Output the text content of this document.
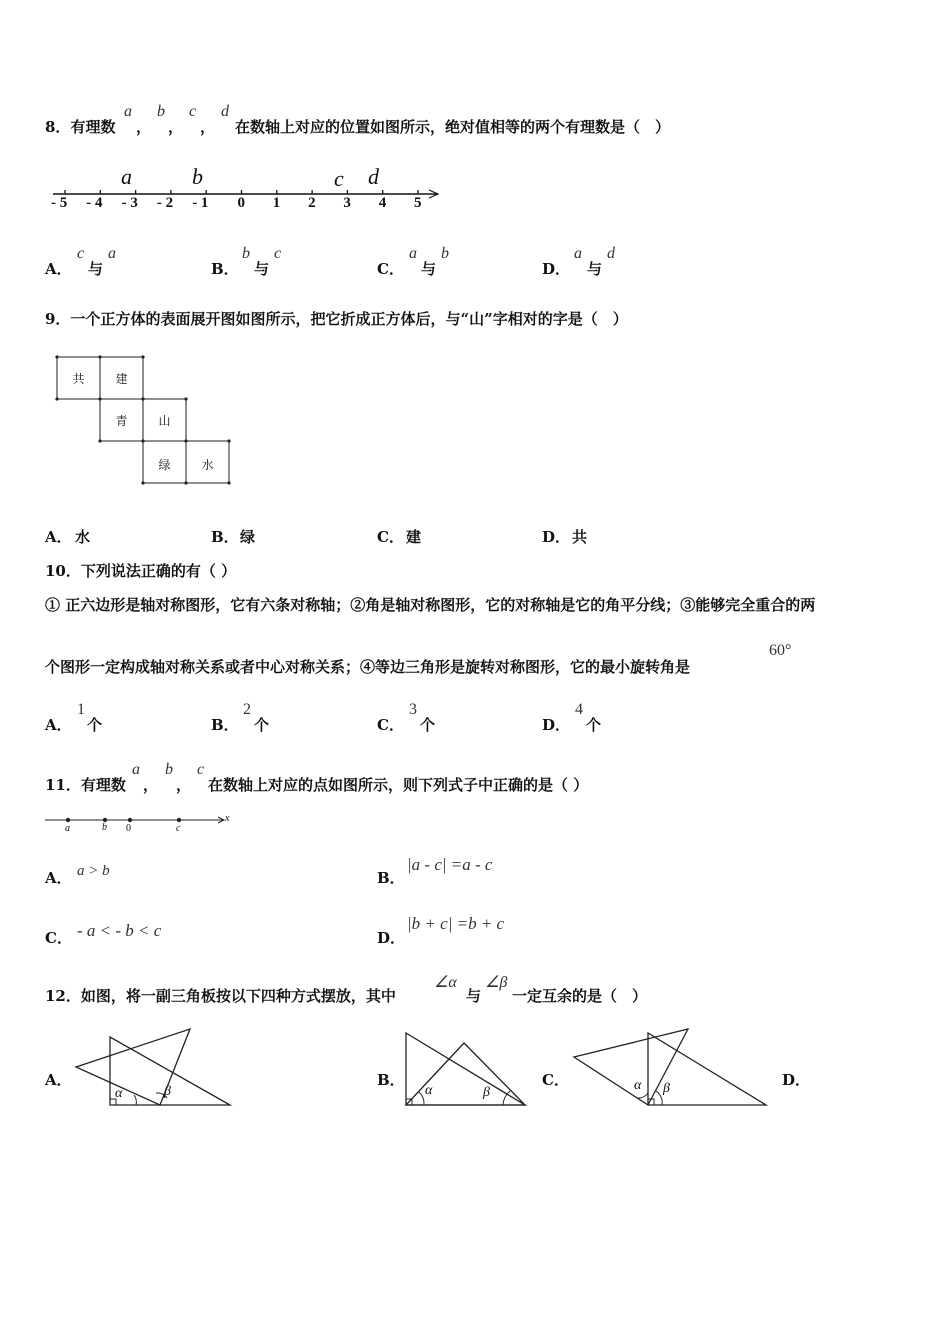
8．有理数
a
，
b
，
c
，
d
在数轴上对应的位置如图所示，绝对值相等的两个有理数是（　）
- 5 - 4 - 3 - 2 - 1 0 1 2 3 4 5
a	b	c d
A．
c
与
a
B．
b
与
c
C．
a
与
b
D．
a
与
d
9．一个正方体的表面展开图如图所示，把它折成正方体后，与“山”字相对的字是（　）
共	建
青	山
绿	水
A． 水	B． 绿	C． 建	D． 共
10．下列说法正确的有（ ）
① 正六边形是轴对称图形，它有六条对称轴；②角是轴对称图形，它的对称轴是它的角平分线；③能够完全重合的两
个图形一定构成轴对称关系或者中心对称关系；④等边三角形是旋转对称图形，它的最小旋转角是
60°
A．
1
个	B．
2
个	C．
3
个	D．
4
个
11．有理数
a
，
b
，
c
在数轴上对应的点如图所示，则下列式子中正确的是（ ）
a	b 0	c
x
A． a > b	B．
|a - c| =a - c
C． - a < - b < c	D．
|b + c| =b + c
12．如图，将一副三角板按以下四种方式摆放，其中
∠α
与
∠β
一定互余的是（　）
A．
α	β
B．
α	β
C．	α β	D．
